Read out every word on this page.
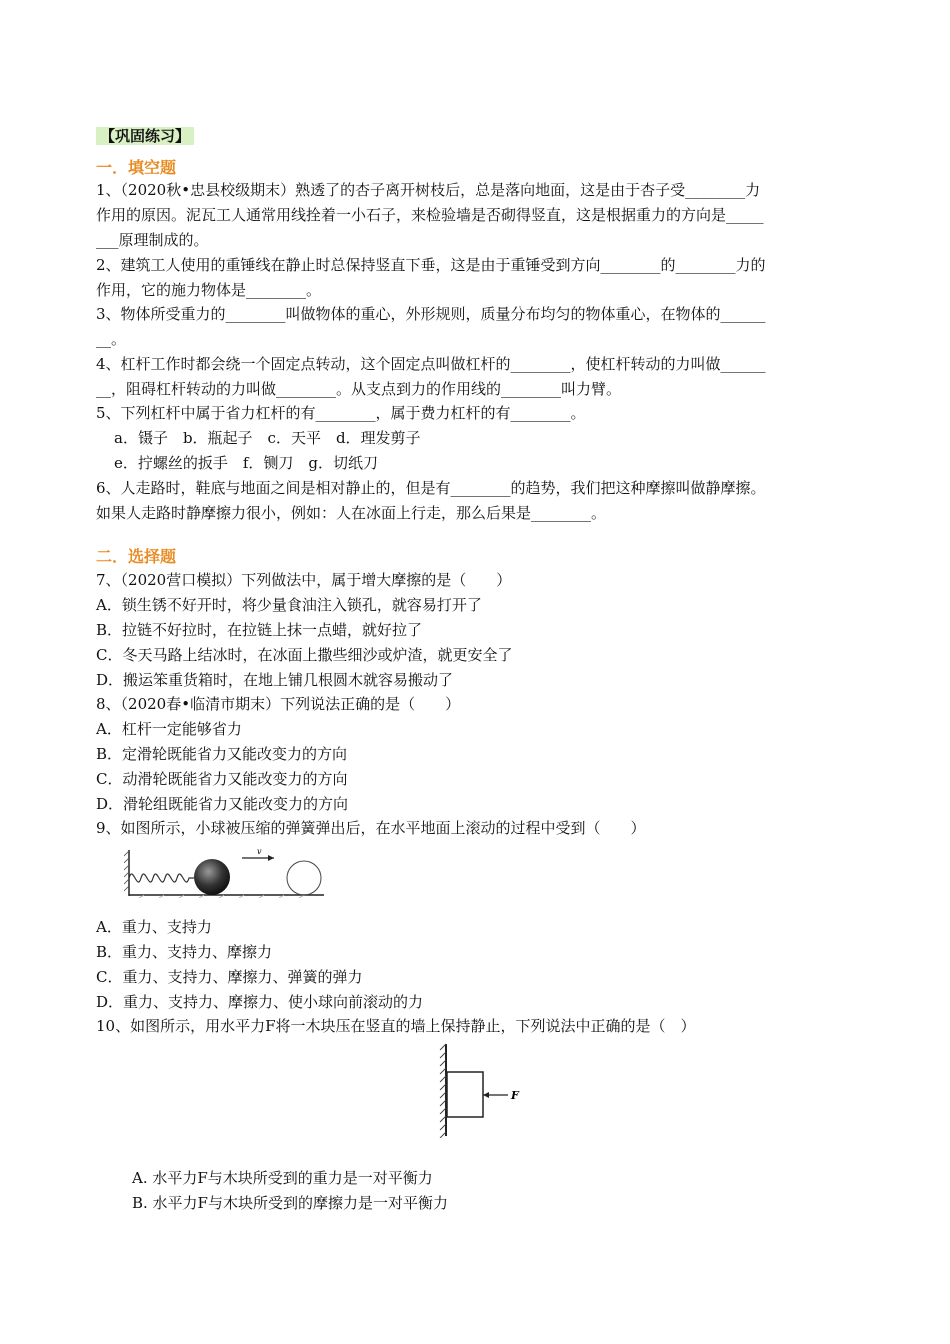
【巩固练习】
一．填空题
1、（2020秋•忠县校级期末）熟透了的杏子离开树枝后，总是落向地面，这是由于杏子受________力
作用的原因。泥瓦工人通常用线拴着一小石子，来检验墙是否砌得竖直，这是根据重力的方向是_____
___原理制成的。
2、建筑工人使用的重锤线在静止时总保持竖直下垂，这是由于重锤受到方向________的________力的
作用，它的施力物体是________。
3、物体所受重力的________叫做物体的重心，外形规则，质量分布均匀的物体重心，在物体的______
__。
4、杠杆工作时都会绕一个固定点转动，这个固定点叫做杠杆的________，使杠杆转动的力叫做______
__，阻碍杠杆转动的力叫做________。从支点到力的作用线的________叫力臂。
5、下列杠杆中属于省力杠杆的有________，属于费力杠杆的有________。
a．镊子　b．瓶起子　c．天平　d．理发剪子
e．拧螺丝的扳手　f．铡刀　g．切纸刀
6、人走路时，鞋底与地面之间是相对静止的，但是有________的趋势，我们把这种摩擦叫做静摩擦。
如果人走路时静摩擦力很小，例如：人在冰面上行走，那么后果是________。
二．选择题
7、（2020营口模拟）下列做法中，属于增大摩擦的是（　　）
A．锁生锈不好开时，将少量食油注入锁孔，就容易打开了
B．拉链不好拉时，在拉链上抹一点蜡，就好拉了
C．冬天马路上结冰时，在冰面上撒些细沙或炉渣，就更安全了
D．搬运笨重货箱时，在地上铺几根圆木就容易搬动了
8、（2020春•临清市期末）下列说法正确的是（　　）
A．杠杆一定能够省力
B．定滑轮既能省力又能改变力的方向
C．动滑轮既能省力又能改变力的方向
D．滑轮组既能省力又能改变力的方向
9、如图所示，小球被压缩的弹簧弹出后，在水平地面上滚动的过程中受到（　　）
v
A．重力、支持力
B．重力、支持力、摩擦力
C．重力、支持力、摩擦力、弹簧的弹力
D．重力、支持力、摩擦力、使小球向前滚动的力
10、如图所示，用水平力F将一木块压在竖直的墙上保持静止，下列说法中正确的是（　）
F
A. 水平力F与木块所受到的重力是一对平衡力
B. 水平力F与木块所受到的摩擦力是一对平衡力
